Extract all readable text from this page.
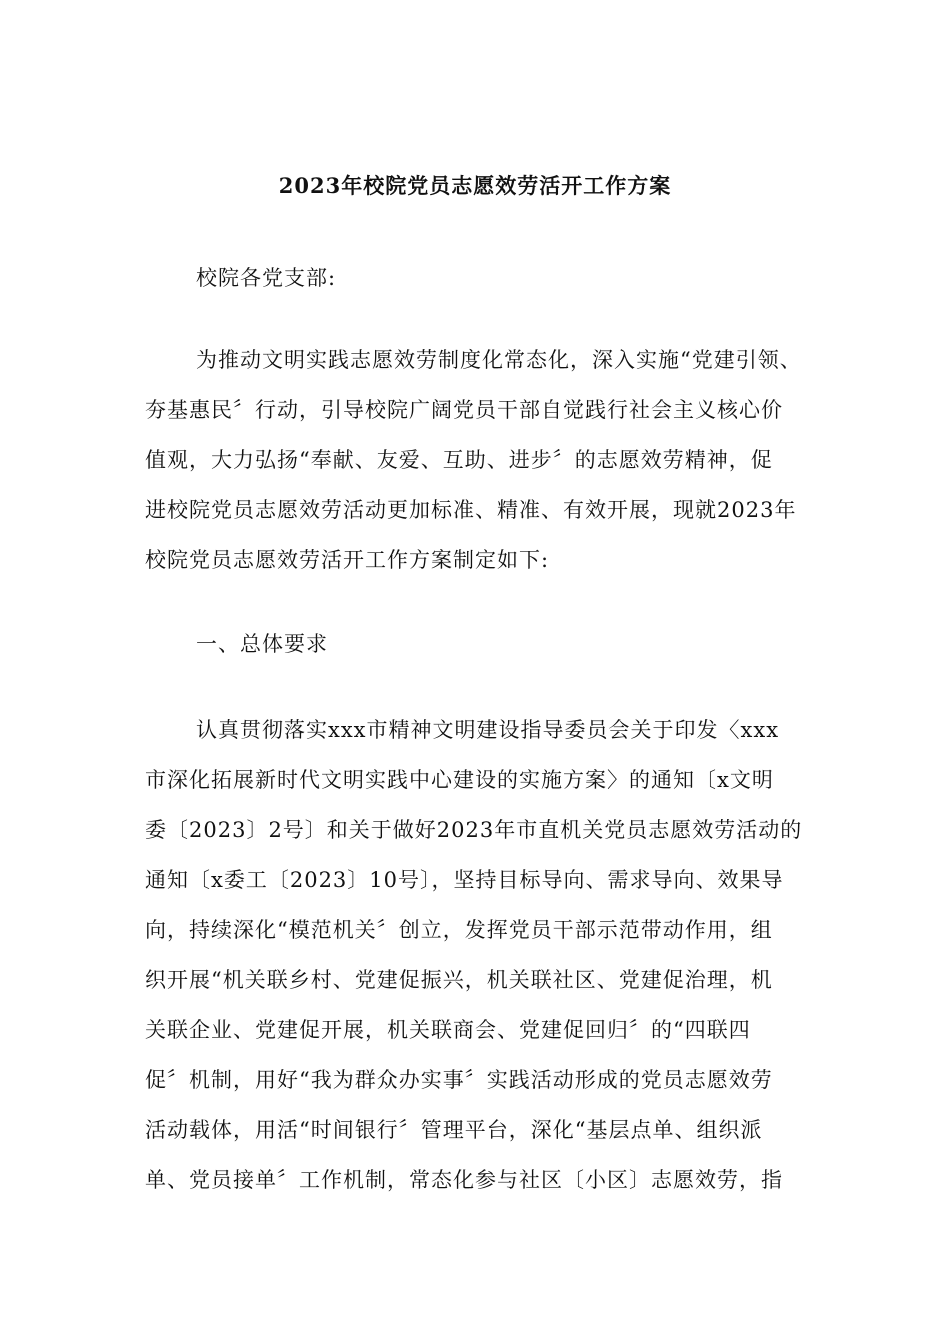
2023年校院党员志愿效劳活开工作方案
校院各党支部:
为推动文明实践志愿效劳制度化常态化，深入实施“党建引领、
夯基惠民〞行动，引导校院广阔党员干部自觉践行社会主义核心价
值观，大力弘扬“奉献、友爱、互助、进步〞的志愿效劳精神，促
进校院党员志愿效劳活动更加标准、精准、有效开展，现就2023年
校院党员志愿效劳活开工作方案制定如下:
一、总体要求
认真贯彻落实xxx市精神文明建设指导委员会关于印发〈xxx
市深化拓展新时代文明实践中心建设的实施方案〉的通知〔x文明
委〔2023〕2号〕和关于做好2023年市直机关党员志愿效劳活动的
通知〔x委工〔2023〕10号〕，坚持目标导向、需求导向、效果导
向，持续深化“模范机关〞创立，发挥党员干部示范带动作用，组
织开展“机关联乡村、党建促振兴，机关联社区、党建促治理，机
关联企业、党建促开展，机关联商会、党建促回归〞的“四联四
促〞机制，用好“我为群众办实事〞实践活动形成的党员志愿效劳
活动载体，用活“时间银行〞管理平台，深化“基层点单、组织派
单、党员接单〞工作机制，常态化参与社区〔小区〕志愿效劳，指
